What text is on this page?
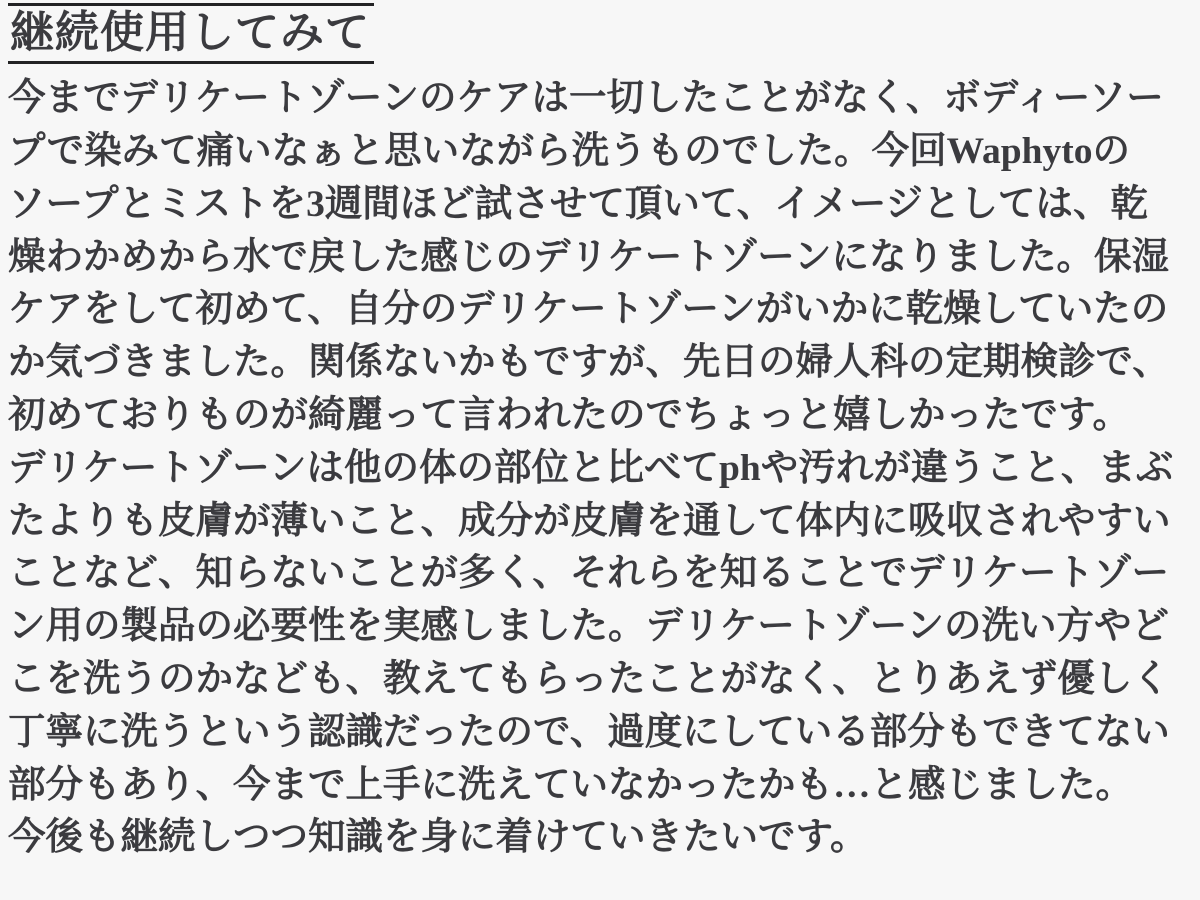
継続使用してみて
今までデリケートゾーンのケアは一切したことがなく、ボディーソー
プで染みて痛いなぁと思いながら洗うものでした。今回Waphytoの
ソープとミストを3週間ほど試させて頂いて、イメージとしては、乾
燥わかめから水で戻した感じのデリケートゾーンになりました。保湿
ケアをして初めて、自分のデリケートゾーンがいかに乾燥していたの
か気づきました。関係ないかもですが、先日の婦人科の定期検診で、
初めておりものが綺麗って言われたのでちょっと嬉しかったです。
デリケートゾーンは他の体の部位と比べてphや汚れが違うこと、まぶ
たよりも皮膚が薄いこと、成分が皮膚を通して体内に吸収されやすい
ことなど、知らないことが多く、それらを知ることでデリケートゾー
ン用の製品の必要性を実感しました。デリケートゾーンの洗い方やど
こを洗うのかなども、教えてもらったことがなく、とりあえず優しく
丁寧に洗うという認識だったので、過度にしている部分もできてない
部分もあり、今まで上手に洗えていなかったかも…と感じました。
今後も継続しつつ知識を身に着けていきたいです。
